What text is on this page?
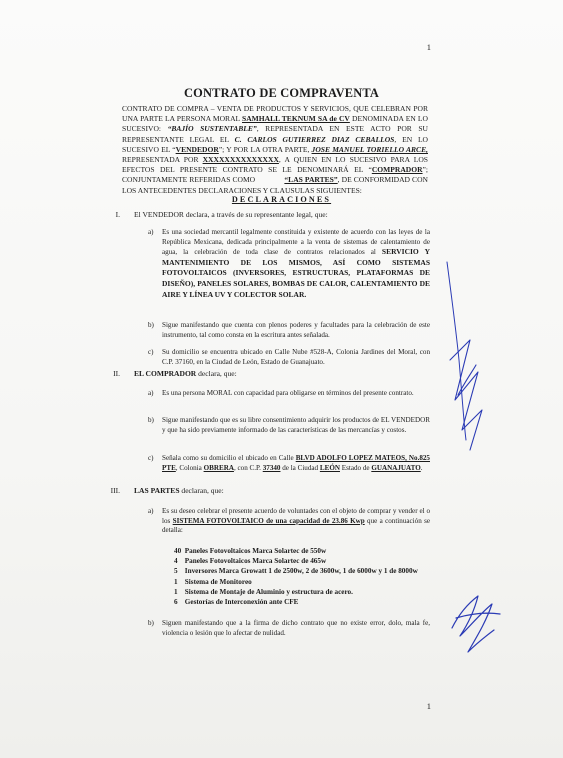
1
CONTRATO DE COMPRAVENTA
CONTRATO DE COMPRA – VENTA DE PRODUCTOS Y SERVICIOS, QUE CELEBRAN POR UNA PARTE LA PERSONA MORAL SAMHALL TEKNUM SA de CV DENOMINADA EN LO SUCESIVO: “BAJÍO SUSTENTABLE”, REPRESENTADA EN ESTE ACTO POR SU REPRESENTANTE LEGAL EL C. CARLOS GUTIERREZ DIAZ CEBALLOS, EN LO SUCESIVO EL “VENDEDOR”; Y POR LA OTRA PARTE, JOSE MANUEL TORIELLO ARCE, REPRESENTADA POR XXXXXXXXXXXXXX, A QUIEN EN LO SUCESIVO PARA LOS EFECTOS DEL PRESENTE CONTRATO SE LE DENOMINARÁ EL “COMPRADOR”; CONJUNTAMENTE REFERIDAS COMO	“LAS PARTES”, DE CONFORMIDAD CON LOS ANTECEDENTES DECLARACIONES Y CLAUSULAS SIGUIENTES:
DECLARACIONES
I. El VENDEDOR declara, a través de su representante legal, que:
a) Es una sociedad mercantil legalmente constituida y existente de acuerdo con las leyes de la República Mexicana, dedicada principalmente a la venta de sistemas de calentamiento de agua, la celebración de toda clase de contratos relacionados al SERVICIO Y MANTENIMIENTO DE LOS MISMOS, ASÍ COMO SISTEMAS FOTOVOLTAICOS (INVERSORES, ESTRUCTURAS, PLATAFORMAS DE DISEÑO), PANELES SOLARES, BOMBAS DE CALOR, CALENTAMIENTO DE AIRE Y LÍNEA UV Y COLECTOR SOLAR.
b) Sigue manifestando que cuenta con plenos poderes y facultades para la celebración de este instrumento, tal como consta en la escritura antes señalada.
c) Su domicilio se encuentra ubicado en Calle Nube #528-A, Colonia Jardines del Moral, con C.P. 37160, en la Ciudad de León, Estado de Guanajuato.
II. EL COMPRADOR declara, que:
a) Es una persona MORAL con capacidad para obligarse en términos del presente contrato.
b) Sigue manifestando que es su libre consentimiento adquirir los productos de EL VENDEDOR y que ha sido previamente informado de las características de las mercancías y costos.
c) Señala como su domicilio el ubicado en Calle BLVD ADOLFO LOPEZ MATEOS, No.825 PTE, Colonia OBRERA, con C.P. 37340 de la Ciudad LEÓN Estado de GUANAJUATO.
III. LAS PARTES declaran, que:
a) Es su deseo celebrar el presente acuerdo de voluntades con el objeto de comprar y vender el o los SISTEMA FOTOVOLTAICO de una capacidad de 23.86 Kwp que a continuación se detalla:
40 Paneles Fotovoltaicos Marca Solartec de 550w
4 Paneles Fotovoltaicos Marca Solartec de 465w
5 Inversores Marca Growatt 1 de 2500w, 2 de 3600w, 1 de 6000w y 1 de 8000w
1 Sistema de Monitoreo
1 Sistema de Montaje de Aluminio y estructura de acero.
6 Gestorías de Interconexión ante CFE
b) Siguen manifestando que a la firma de dicho contrato que no existe error, dolo, mala fe, violencia o lesión que lo afectar de nulidad.
1
